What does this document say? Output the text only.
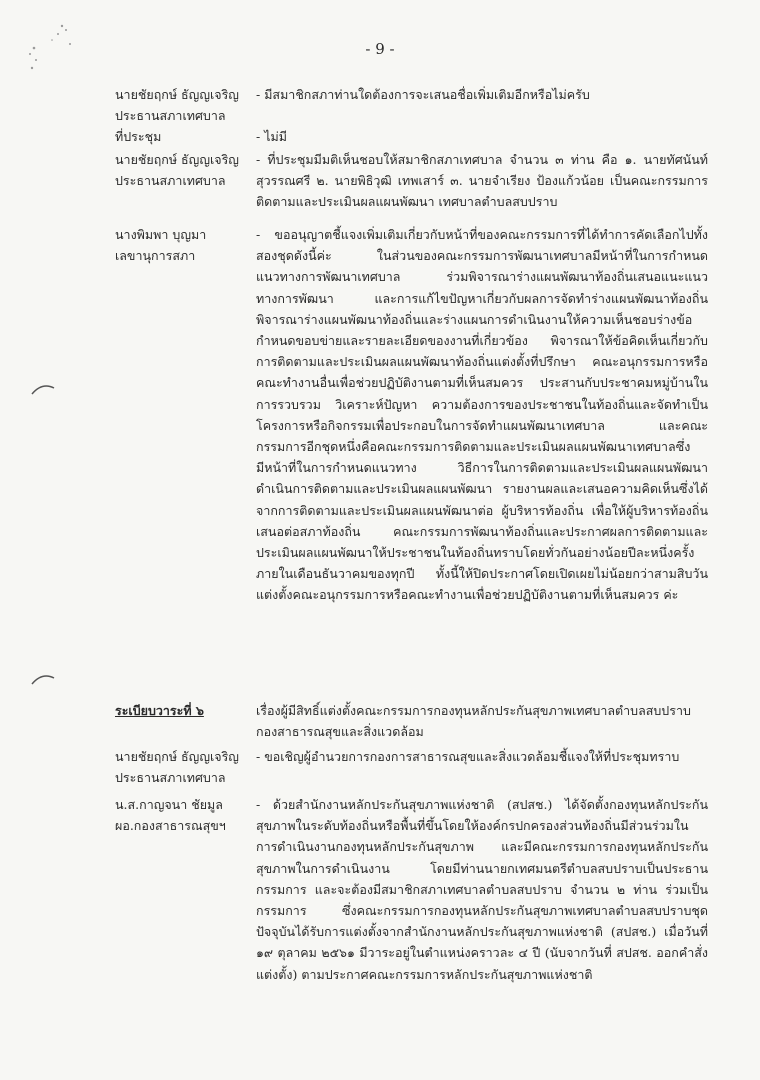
- 9 -
นายชัยฤกษ์ ธัญญเจริญ
ประธานสภาเทศบาล
- มีสมาชิกสภาท่านใดต้องการจะเสนอชื่อเพิ่มเติมอีกหรือไม่ครับ
ที่ประชุม	- ไม่มี
นายชัยฤกษ์ ธัญญเจริญ
ประธานสภาเทศบาล
- ที่ประชุมมีมติเห็นชอบให้สมาชิกสภาเทศบาล จำนวน ๓ ท่าน คือ ๑. นายทัศนันท์ สุวรรณศรี ๒. นายพิธิวุฒิ เทพเสาร์ ๓. นายจำเรียง ป้องแก้วน้อย เป็นคณะกรรมการติดตามและประเมินผลแผนพัฒนา เทศบาลตำบลสบปราบ
นางพิมพา บุญมา
เลขานุการสภา
- ขออนุญาตชี้แจงเพิ่มเติมเกี่ยวกับหน้าที่ของคณะกรรมการที่ได้ทำการคัดเลือกไปทั้งสองชุดดังนี้ค่ะ ในส่วนของคณะกรรมการพัฒนาเทศบาลมีหน้าที่ในการกำหนดแนวทางการพัฒนาเทศบาล ร่วมพิจารณาร่างแผนพัฒนาท้องถิ่นเสนอแนะแนวทางการพัฒนา และการแก้ไขปัญหาเกี่ยวกับผลการจัดทำร่างแผนพัฒนาท้องถิ่น พิจารณาร่างแผนพัฒนาท้องถิ่นและร่างแผนการดำเนินงานให้ความเห็นชอบร่างข้อกำหนดขอบข่ายและรายละเอียดของงานที่เกี่ยวข้อง พิจารณาให้ข้อคิดเห็นเกี่ยวกับการติดตามและประเมินผลแผนพัฒนาท้องถิ่นแต่งตั้งที่ปรึกษา คณะอนุกรรมการหรือคณะทำงานอื่นเพื่อช่วยปฏิบัติงานตามที่เห็นสมควร ประสานกับประชาคมหมู่บ้านในการรวบรวม วิเคราะห์ปัญหา ความต้องการของประชาชนในท้องถิ่นและจัดทำเป็นโครงการหรือกิจกรรมเพื่อประกอบในการจัดทำแผนพัฒนาเทศบาล และคณะกรรมการอีกชุดหนึ่งคือคณะกรรมการติดตามและประเมินผลแผนพัฒนาเทศบาลซึ่งมีหน้าที่ในการกำหนดแนวทาง วิธีการในการติดตามและประเมินผลแผนพัฒนา ดำเนินการติดตามและประเมินผลแผนพัฒนา รายงานผลและเสนอความคิดเห็นซึ่งได้จากการติดตามและประเมินผลแผนพัฒนาต่อ ผู้บริหารท้องถิ่น เพื่อให้ผู้บริหารท้องถิ่นเสนอต่อสภาท้องถิ่น คณะกรรมการพัฒนาท้องถิ่นและประกาศผลการติดตามและประเมินผลแผนพัฒนาให้ประชาชนในท้องถิ่นทราบโดยทั่วกันอย่างน้อยปีละหนึ่งครั้ง ภายในเดือนธันวาคมของทุกปี ทั้งนี้ให้ปิดประกาศโดยเปิดเผยไม่น้อยกว่าสามสิบวัน แต่งตั้งคณะอนุกรรมการหรือคณะทำงานเพื่อช่วยปฏิบัติงานตามที่เห็นสมควร ค่ะ
ระเบียบวาระที่ ๖	เรื่องผู้มีสิทธิ์แต่งตั้งคณะกรรมการกองทุนหลักประกันสุขภาพเทศบาลตำบลสบปราบกองสาธารณสุขและสิ่งแวดล้อม
นายชัยฤกษ์ ธัญญเจริญ
ประธานสภาเทศบาล
- ขอเชิญผู้อำนวยการกองการสาธารณสุขและสิ่งแวดล้อมชี้แจงให้ที่ประชุมทราบ
น.ส.กาญจนา ชัยมูล
ผอ.กองสาธารณสุขฯ
- ด้วยสำนักงานหลักประกันสุขภาพแห่งชาติ (สปสช.) ได้จัดตั้งกองทุนหลักประกันสุขภาพในระดับท้องถิ่นหรือพื้นที่ขึ้นโดยให้องค์กรปกครองส่วนท้องถิ่นมีส่วนร่วมในการดำเนินงานกองทุนหลักประกันสุขภาพ และมีคณะกรรมการกองทุนหลักประกันสุขภาพในการดำเนินงาน โดยมีท่านนายกเทศมนตรีตำบลสบปราบเป็นประธานกรรมการ และจะต้องมีสมาชิกสภาเทศบาลตำบลสบปราบ จำนวน ๒ ท่าน ร่วมเป็นกรรมการ ซึ่งคณะกรรมการกองทุนหลักประกันสุขภาพเทศบาลตำบลสบปราบชุดปัจจุบันได้รับการแต่งตั้งจากสำนักงานหลักประกันสุขภาพแห่งชาติ (สปสช.) เมื่อวันที่ ๑๙ ตุลาคม ๒๕๖๑ มีวาระอยู่ในตำแหน่งคราวละ ๔ ปี (นับจากวันที่ สปสช. ออกคำสั่งแต่งตั้ง) ตามประกาศคณะกรรมการหลักประกันสุขภาพแห่งชาติ
